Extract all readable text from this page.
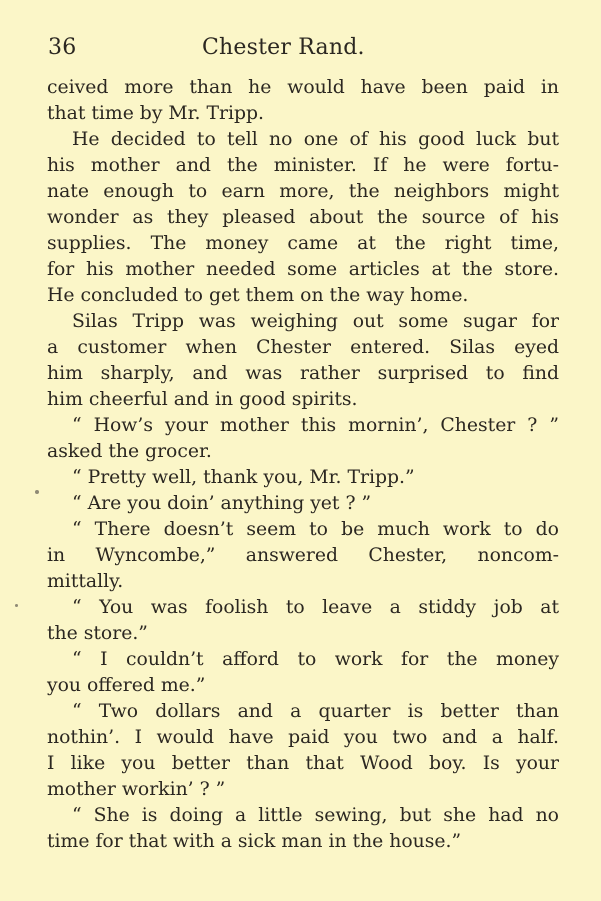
36	Chester Rand.
ceived more than he would have been paid in
that time by Mr. Tripp.
He decided to tell no one of his good luck but
his mother and the minister. If he were fortu-
nate enough to earn more, the neighbors might
wonder as they pleased about the source of his
supplies. The money came at the right time,
for his mother needed some articles at the store.
He concluded to get them on the way home.
Silas Tripp was weighing out some sugar for
a customer when Chester entered. Silas eyed
him sharply, and was rather surprised to find
him cheerful and in good spirits.
“ How’s your mother this mornin’, Chester ? ”
asked the grocer.
“ Pretty well, thank you, Mr. Tripp.”
“ Are you doin’ anything yet ? ”
“ There doesn’t seem to be much work to do
in Wyncombe,” answered Chester, noncom-
mittally.
“ You was foolish to leave a stiddy job at
the store.”
“ I couldn’t afford to work for the money
you offered me.”
“ Two dollars and a quarter is better than
nothin’. I would have paid you two and a half.
I like you better than that Wood boy. Is your
mother workin’ ? ”
“ She is doing a little sewing, but she had no
time for that with a sick man in the house.”
